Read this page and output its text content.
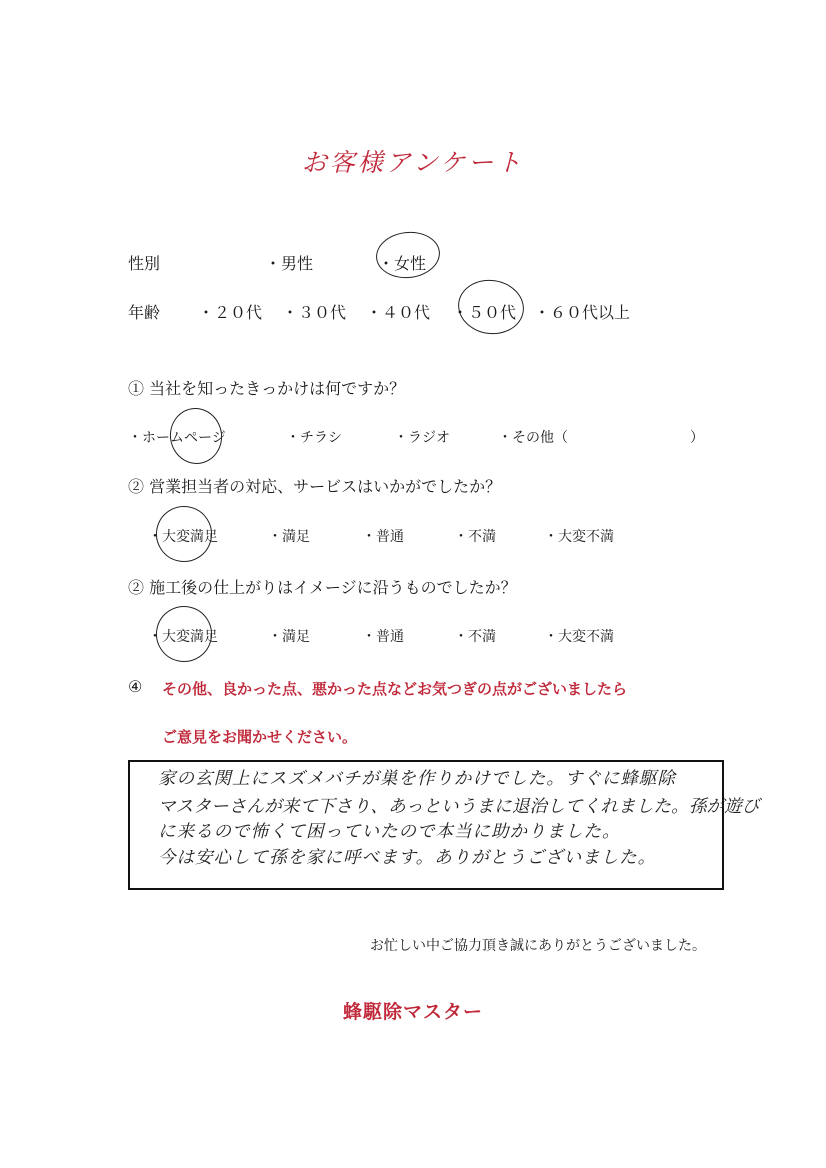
お客様アンケート
性別	・男性	・女性
年齢 ・２０代 ・３０代 ・４０代 ・５０代 ・６０代以上
① 当社を知ったきっかけは何ですか？
・ホームページ	・チラシ	・ラジオ	・その他（	）
② 営業担当者の対応、サービスはいかがでしたか？
・大変満足	・満足	・普通	・不満	・大変不満
② 施工後の仕上がりはイメージに沿うものでしたか？
・大変満足	・満足	・普通	・不満	・大変不満
④ その他、良かった点、悪かった点などお気つぎの点がございましたら
ご意見をお聞かせください。
家の玄関上にスズメバチが巣を作りかけでした。すぐに蜂駆除
マスターさんが来て下さり、あっというまに退治してくれました。孫が遊び
に来るので怖くて困っていたので本当に助かりました。
今は安心して孫を家に呼べます。ありがとうございました。
お忙しい中ご協力頂き誠にありがとうございました。
蜂駆除マスター
